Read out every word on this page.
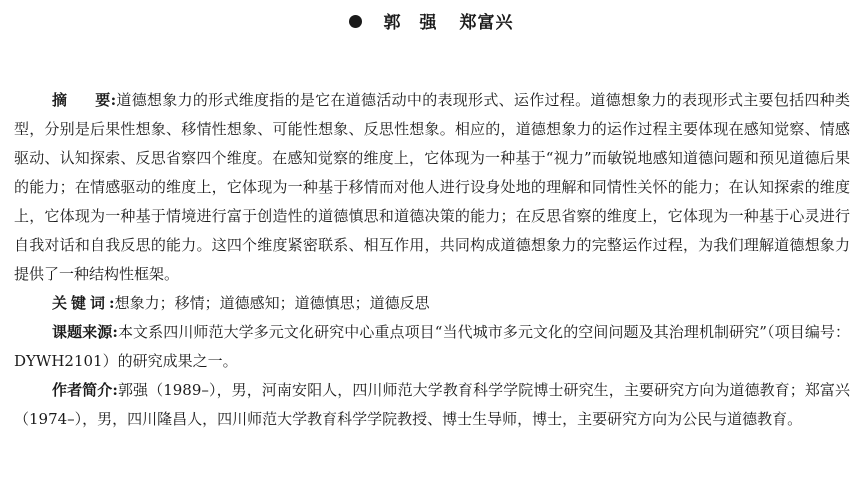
郭　强 郑富兴

摘要:道德想象力的形式维度指的是它在道德活动中的表现形式、运作过程。道德想象力的表现形式主要包括四种类型，分别是后果性想象、移情性想象、可能性想象、反思性想象。相应的，道德想象力的运作过程主要体现在感知觉察、情感驱动、认知探索、反思省察四个维度。在感知觉察的维度上，它体现为一种基于“视力”而敏锐地感知道德问题和预见道德后果的能力；在情感驱动的维度上，它体现为一种基于移情而对他人进行设身处地的理解和同情性关怀的能力；在认知探索的维度上，它体现为一种基于情境进行富于创造性的道德慎思和道德决策的能力；在反思省察的维度上，它体现为一种基于心灵进行自我对话和自我反思的能力。这四个维度紧密联系、相互作用，共同构成道德想象力的完整运作过程，为我们理解道德想象力提供了一种结构性框架。

关键词:想象力；移情；道德感知；道德慎思；道德反思

课题来源:本文系四川师范大学多元文化研究中心重点项目“当代城市多元文化的空间问题及其治理机制研究”（项目编号：DYWH2101）的研究成果之一。

作者简介:郭强（1989–），男，河南安阳人，四川师范大学教育科学学院博士研究生，主要研究方向为道德教育；郑富兴（1974–），男，四川隆昌人，四川师范大学教育科学学院教授、博士生导师，博士，主要研究方向为公民与道德教育。
